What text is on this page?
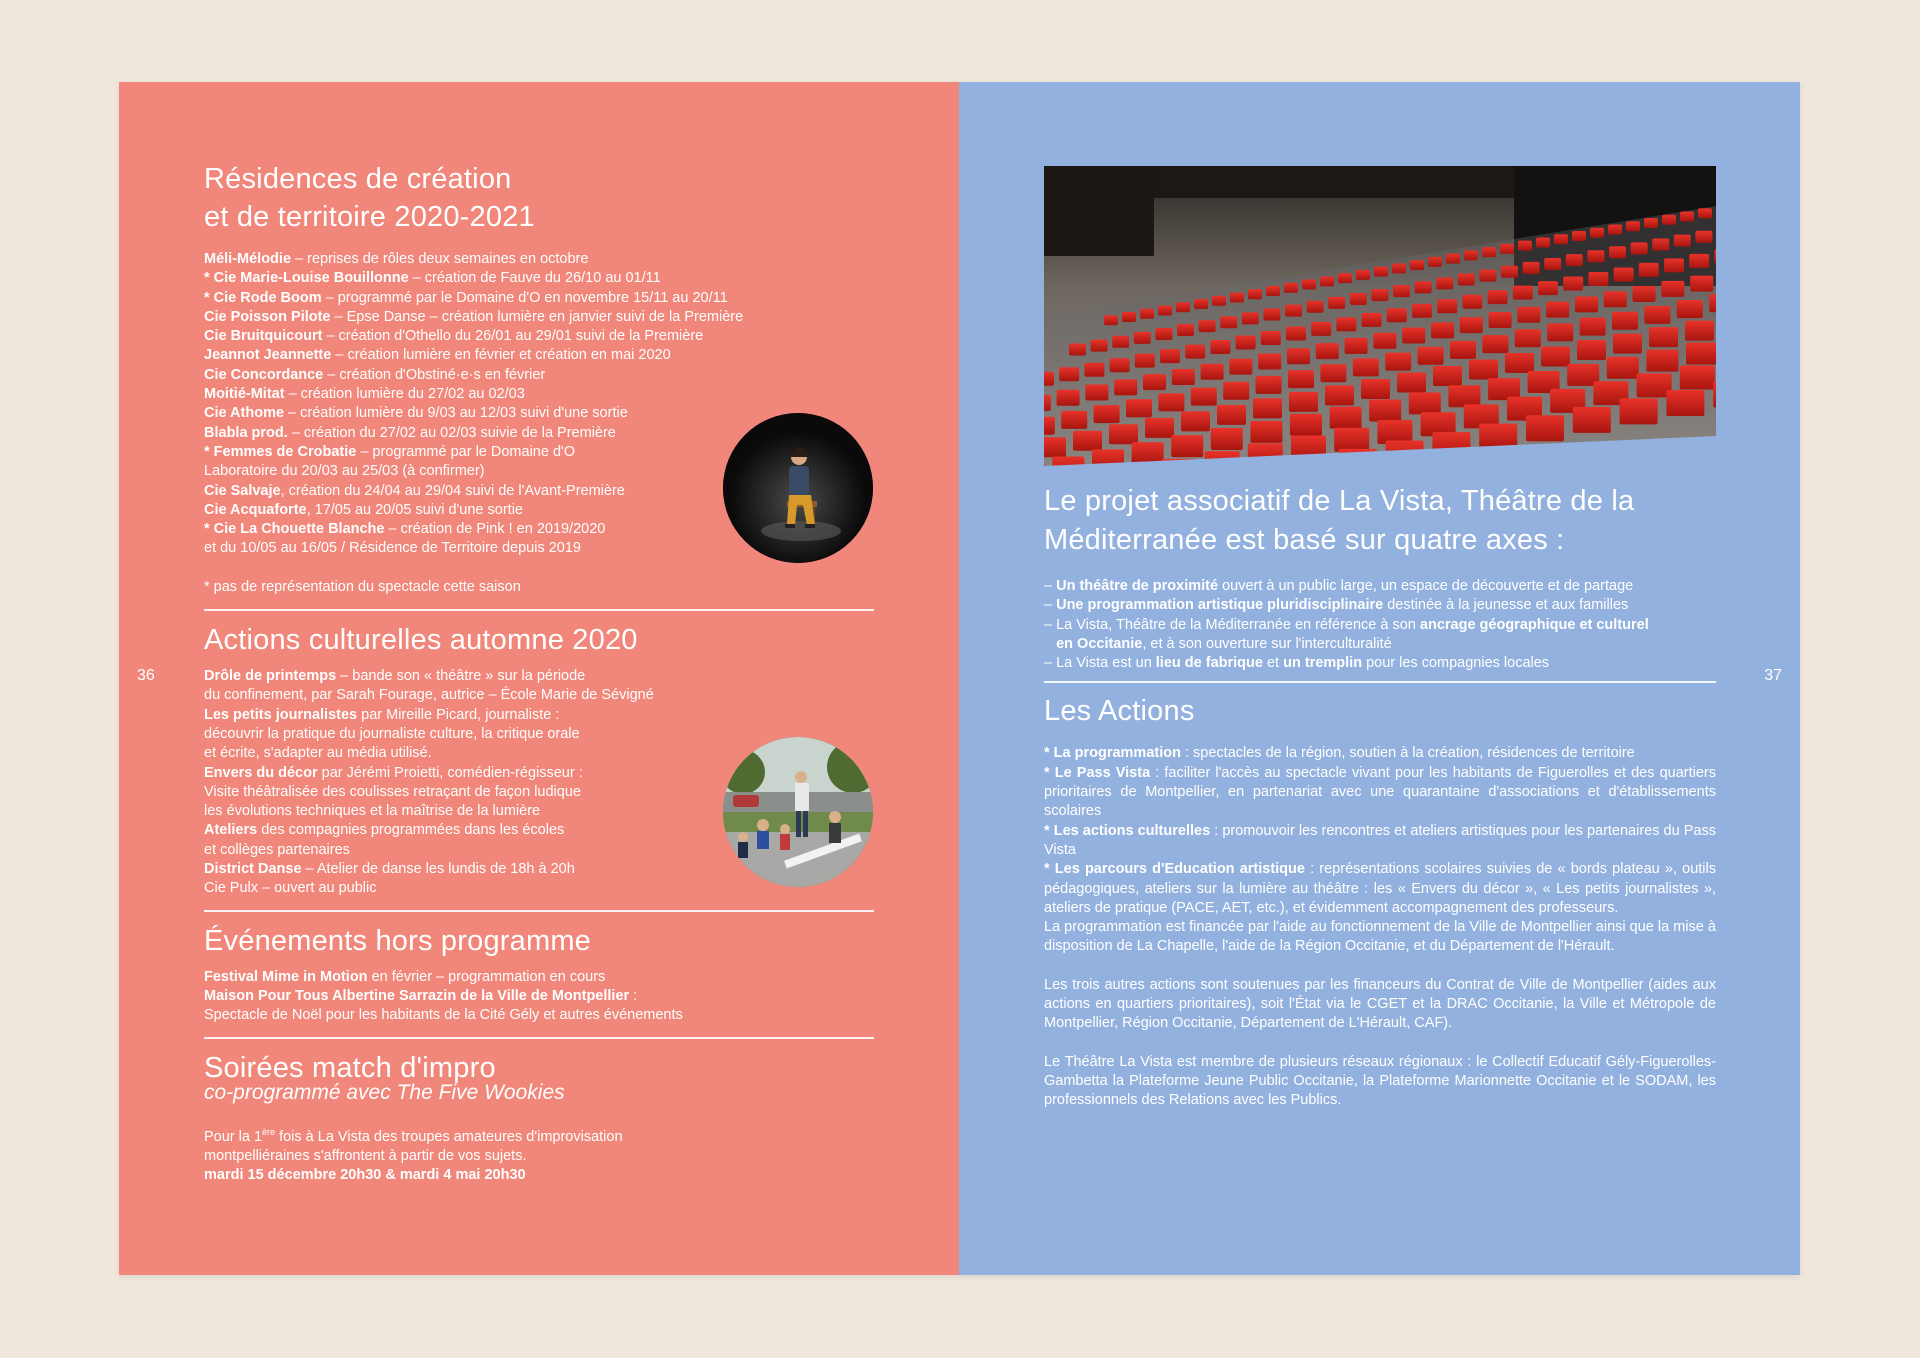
36
Résidences de création
et de territoire 2020-2021
Méli-Mélodie – reprises de rôles deux semaines en octobre
* Cie Marie-Louise Bouillonne – création de Fauve du 26/10 au 01/11
* Cie Rode Boom – programmé par le Domaine d'O en novembre 15/11 au 20/11
Cie Poisson Pilote – Epse Danse – création lumière en janvier suivi de la Première
Cie Bruitquicourt – création d'Othello du 26/01 au 29/01 suivi de la Première
Jeannot Jeannette – création lumière en février et création en mai 2020
Cie Concordance – création d'Obstiné·e·s en février
Moitié-Mitat – création lumière du 27/02 au 02/03
Cie Athome – création lumière du 9/03 au 12/03 suivi d'une sortie
Blabla prod. – création du 27/02 au 02/03 suivie de la Première
* Femmes de Crobatie – programmé par le Domaine d'O
Laboratoire du 20/03 au 25/03 (à confirmer)
Cie Salvaje, création du 24/04 au 29/04 suivi de l'Avant-Première
Cie Acquaforte, 17/05 au 20/05 suivi d'une sortie
* Cie La Chouette Blanche – création de Pink ! en 2019/2020
et du 10/05 au 16/05 / Résidence de Territoire depuis 2019

* pas de représentation du spectacle cette saison

Actions culturelles automne 2020
Drôle de printemps – bande son « théâtre » sur la période
du confinement, par Sarah Fourage, autrice – École Marie de Sévigné
Les petits journalistes par Mireille Picard, journaliste :
découvrir la pratique du journaliste culture, la critique orale
et écrite, s'adapter au média utilisé.
Envers du décor par Jérémi Proietti, comédien-régisseur :
Visite théâtralisée des coulisses retraçant de façon ludique
les évolutions techniques et la maîtrise de la lumière
Ateliers des compagnies programmées dans les écoles
et collèges partenaires
District Danse – Atelier de danse les lundis de 18h à 20h
Cie Pulx – ouvert au public
Événements hors programme
Festival Mime in Motion en février – programmation en cours
Maison Pour Tous Albertine Sarrazin de la Ville de Montpellier :
Spectacle de Noël pour les habitants de la Cité Gély et autres événements
Soirées match d'impro
co-programmé avec The Five Wookies

Pour la 1ère fois à La Vista des troupes amateures d'improvisation

montpelliéraines s'affrontent à partir de vos sujets.

mardi 15 décembre 20h30 & mardi 4 mai 20h30

37
Le projet associatif de La Vista, Théâtre de la Méditerranée est basé sur quatre axes :
– Un théâtre de proximité ouvert à un public large, un espace de découverte et de partage
– Une programmation artistique pluridisciplinaire destinée à la jeunesse et aux familles
– La Vista, Théâtre de la Méditerranée en référence à son ancrage géographique et culturel
en Occitanie, et à son ouverture sur l'interculturalité
– La Vista est un lieu de fabrique et un tremplin pour les compagnies locales
Les Actions
* La programmation : spectacles de la région, soutien à la création, résidences de territoire
* Le Pass Vista : faciliter l'accès au spectacle vivant pour les habitants de Figuerolles et des quartiers prioritaires de Montpellier, en partenariat avec une quarantaine d'associations et d'établissements scolaires
* Les actions culturelles : promouvoir les rencontres et ateliers artistiques pour les partenaires du Pass Vista
* Les parcours d'Education artistique : représentations scolaires suivies de « bords plateau », outils pédagogiques, ateliers sur la lumière au théâtre : les « Envers du décor », « Les petits journalistes », ateliers de pratique (PACE, AET, etc.), et évidemment accompagnement des professeurs.
La programmation est financée par l'aide au fonctionnement de la Ville de Montpellier ainsi que la mise à disposition de La Chapelle, l'aide de la Région Occitanie, et du Département de l'Hérault.

Les trois autres actions sont soutenues par les financeurs du Contrat de Ville de Montpellier (aides aux actions en quartiers prioritaires), soit l'État via le CGET et la DRAC Occitanie, la Ville et Métropole de Montpellier, Région Occitanie, Département de L'Hérault, CAF).

Le Théâtre La Vista est membre de plusieurs réseaux régionaux : le Collectif Educatif Gély-Figuerolles-Gambetta la Plateforme Jeune Public Occitanie, la Plateforme Marionnette Occitanie et le SODAM, les professionnels des Relations avec les Publics.
